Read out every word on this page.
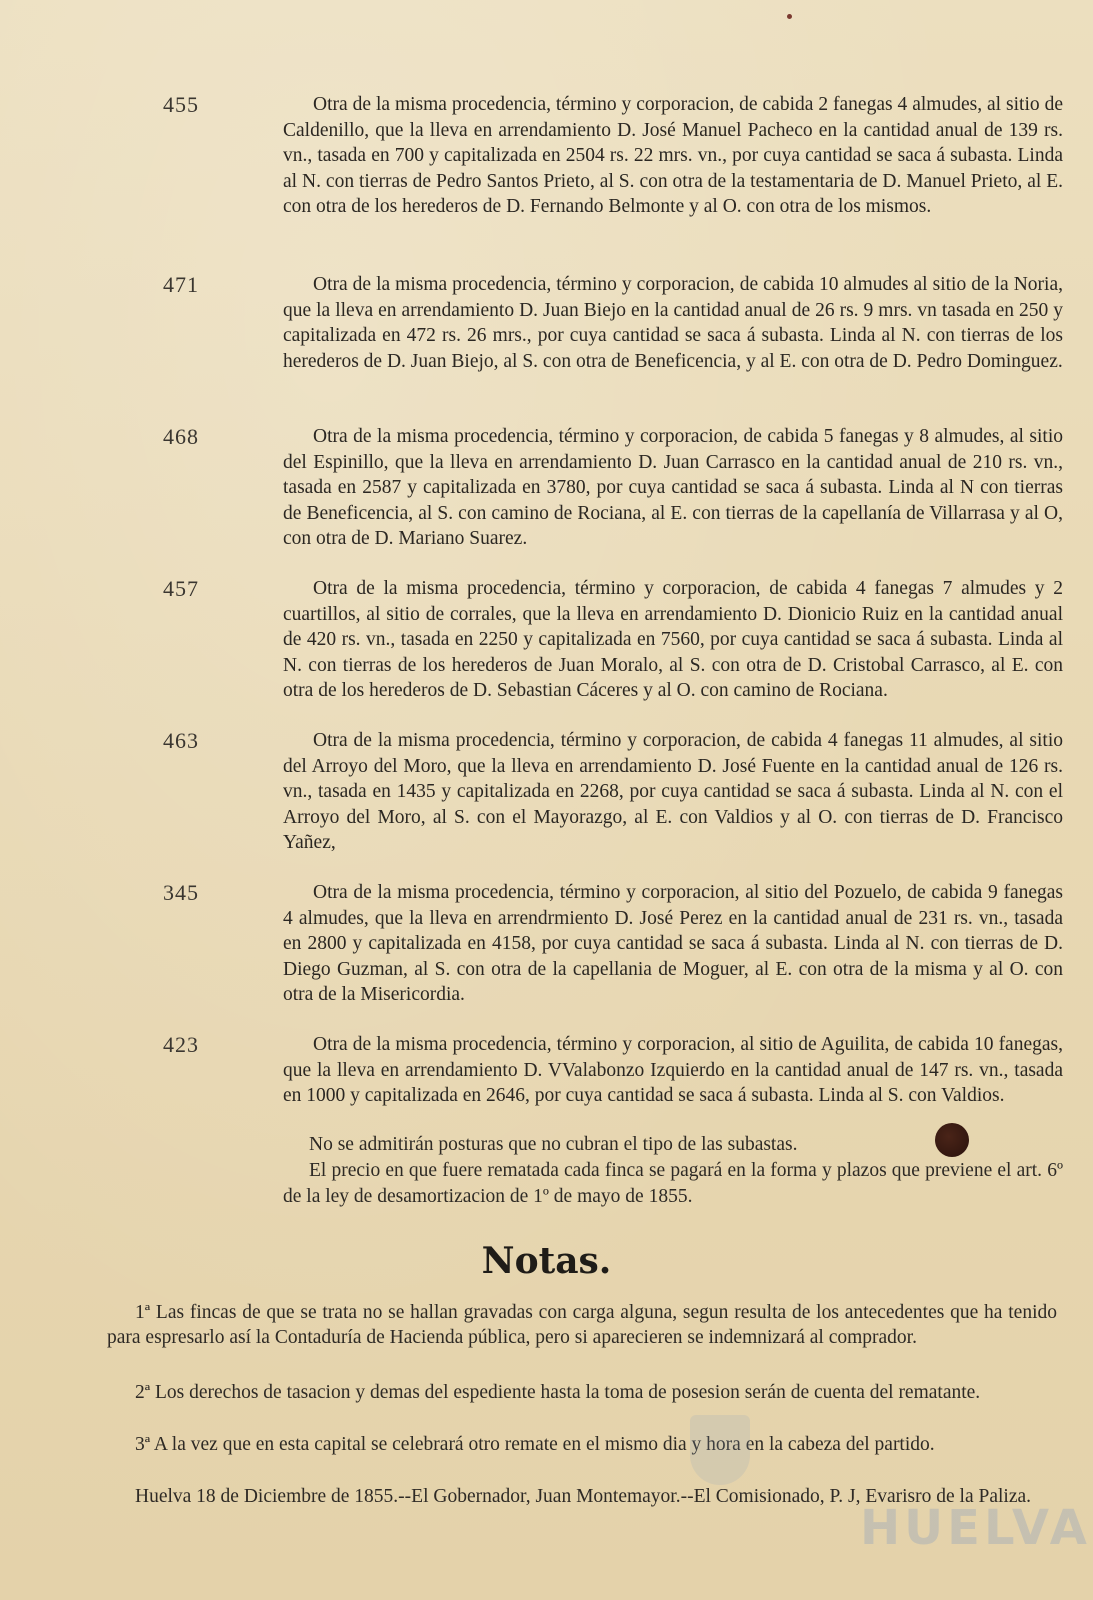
455	Otra de la misma procedencia, término y corporacion, de cabida 2 fanegas 4 almudes, al sitio de Caldenillo, que la lleva en arrendamiento D. José Manuel Pacheco en la cantidad anual de 139 rs. vn., tasada en 700 y capitalizada en 2504 rs. 22 mrs. vn., por cuya cantidad se saca á subasta. Linda al N. con tierras de Pedro Santos Prieto, al S. con otra de la testamentaria de D. Manuel Prieto, al E. con otra de los herederos de D. Fernando Belmonte y al O. con otra de los mismos.
471	Otra de la misma procedencia, término y corporacion, de cabida 10 almudes al sitio de la Noria, que la lleva en arrendamiento D. Juan Biejo en la cantidad anual de 26 rs. 9 mrs. vn tasada en 250 y capitalizada en 472 rs. 26 mrs., por cuya cantidad se saca á subasta. Linda al N. con tierras de los herederos de D. Juan Biejo, al S. con otra de Beneficencia, y al E. con otra de D. Pedro Dominguez.
468	Otra de la misma procedencia, término y corporacion, de cabida 5 fanegas y 8 almudes, al sitio del Espinillo, que la lleva en arrendamiento D. Juan Carrasco en la cantidad anual de 210 rs. vn., tasada en 2587 y capitalizada en 3780, por cuya cantidad se saca á subasta. Linda al N con tierras de Beneficencia, al S. con camino de Rociana, al E. con tierras de la capellanía de Villarrasa y al O, con otra de D. Mariano Suarez.
457	Otra de la misma procedencia, término y corporacion, de cabida 4 fanegas 7 almudes y 2 cuartillos, al sitio de corrales, que la lleva en arrendamiento D. Dionicio Ruiz en la cantidad anual de 420 rs. vn., tasada en 2250 y capitalizada en 7560, por cuya cantidad se saca á subasta. Linda al N. con tierras de los herederos de Juan Moralo, al S. con otra de D. Cristobal Carrasco, al E. con otra de los herederos de D. Sebastian Cáceres y al O. con camino de Rociana.
463	Otra de la misma procedencia, término y corporacion, de cabida 4 fanegas 11 almudes, al sitio del Arroyo del Moro, que la lleva en arrendamiento D. José Fuente en la cantidad anual de 126 rs. vn., tasada en 1435 y capitalizada en 2268, por cuya cantidad se saca á subasta. Linda al N. con el Arroyo del Moro, al S. con el Mayorazgo, al E. con Valdios y al O. con tierras de D. Francisco Yañez,
345	Otra de la misma procedencia, término y corporacion, al sitio del Pozuelo, de cabida 9 fanegas 4 almudes, que la lleva en arrendrmiento D. José Perez en la cantidad anual de 231 rs. vn., tasada en 2800 y capitalizada en 4158, por cuya cantidad se saca á subasta. Linda al N. con tierras de D. Diego Guzman, al S. con otra de la capellania de Moguer, al E. con otra de la misma y al O. con otra de la Misericordia.
423	Otra de la misma procedencia, término y corporacion, al sitio de Aguilita, de cabida 10 fanegas, que la lleva en arrendamiento D. VValabonzo Izquierdo en la cantidad anual de 147 rs. vn., tasada en 1000 y capitalizada en 2646, por cuya cantidad se saca á subasta. Linda al S. con Valdios.
No se admitirán posturas que no cubran el tipo de las subastas.
El precio en que fuere rematada cada finca se pagará en la forma y plazos que previene el art. 6º de la ley de desamortizacion de 1º de mayo de 1855.
Notas.
1ª Las fincas de que se trata no se hallan gravadas con carga alguna, segun resulta de los antecedentes que ha tenido para espresarlo así la Contaduría de Hacienda pública, pero si aparecieren se indemnizará al comprador.
2ª Los derechos de tasacion y demas del espediente hasta la toma de posesion serán de cuenta del rematante.
3ª A la vez que en esta capital se celebrará otro remate en el mismo dia y hora en la cabeza del partido.
Huelva 18 de Diciembre de 1855.--El Gobernador, Juan Montemayor.--El Comisionado, P. J, Evarisro de la Paliza.
HUELVA
